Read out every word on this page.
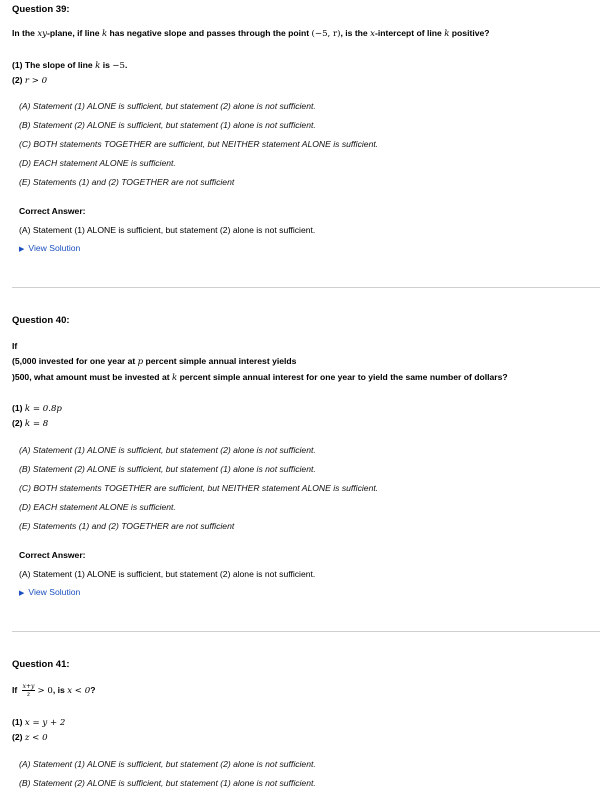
Question 39:
In the xy-plane, if line k has negative slope and passes through the point (−5, r), is the x-intercept of line k positive?
(1) The slope of line k is −5.
(2) r > 0
(A) Statement (1) ALONE is sufficient, but statement (2) alone is not sufficient.
(B) Statement (2) ALONE is sufficient, but statement (1) alone is not sufficient.
(C) BOTH statements TOGETHER are sufficient, but NEITHER statement ALONE is sufficient.
(D) EACH statement ALONE is sufficient.
(E) Statements (1) and (2) TOGETHER are not sufficient
Correct Answer:
(A) Statement (1) ALONE is sufficient, but statement (2) alone is not sufficient.
▶ View Solution
Question 40:
If
(5,000 invested for one year at p percent simple annual interest yields
)500, what amount must be invested at k percent simple annual interest for one year to yield the same number of dollars?
(1) k = 0.8p
(2) k = 8
(A) Statement (1) ALONE is sufficient, but statement (2) alone is not sufficient.
(B) Statement (2) ALONE is sufficient, but statement (1) alone is not sufficient.
(C) BOTH statements TOGETHER are sufficient, but NEITHER statement ALONE is sufficient.
(D) EACH statement ALONE is sufficient.
(E) Statements (1) and (2) TOGETHER are not sufficient
Correct Answer:
(A) Statement (1) ALONE is sufficient, but statement (2) alone is not sufficient.
▶ View Solution
Question 41:
If $\frac{x+y}{z} > 0$, is x < 0?
(1) x = y + 2
(2) z < 0
(A) Statement (1) ALONE is sufficient, but statement (2) alone is not sufficient.
(B) Statement (2) ALONE is sufficient, but statement (1) alone is not sufficient.
